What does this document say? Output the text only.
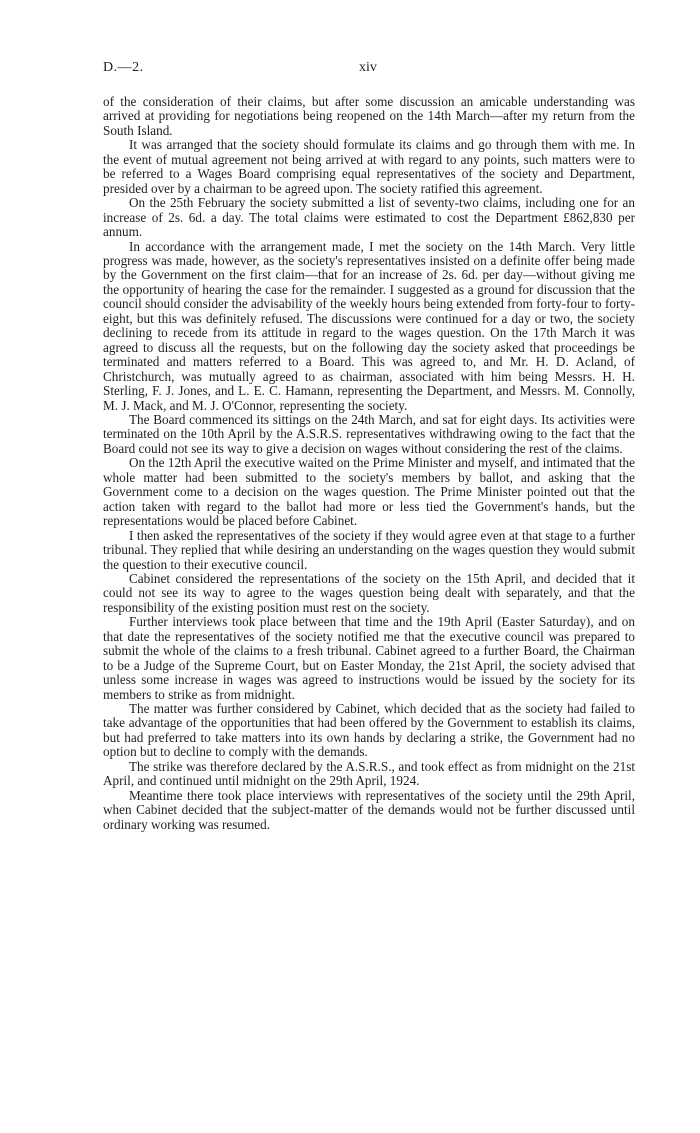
D.—2.	xiv

of the consideration of their claims, but after some discussion an amicable understanding was arrived at providing for negotiations being reopened on the 14th March—after my return from the South Island.

It was arranged that the society should formulate its claims and go through them with me. In the event of mutual agreement not being arrived at with regard to any points, such matters were to be referred to a Wages Board comprising equal representatives of the society and Department, presided over by a chairman to be agreed upon. The society ratified this agreement.

On the 25th February the society submitted a list of seventy-two claims, including one for an increase of 2s. 6d. a day. The total claims were estimated to cost the Department £862,830 per annum.

In accordance with the arrangement made, I met the society on the 14th March. Very little progress was made, however, as the society's representatives insisted on a definite offer being made by the Government on the first claim—that for an increase of 2s. 6d. per day—without giving me the opportunity of hearing the case for the remainder. I suggested as a ground for discussion that the council should consider the advisability of the weekly hours being extended from forty-four to forty-eight, but this was definitely refused. The discussions were continued for a day or two, the society declining to recede from its attitude in regard to the wages question. On the 17th March it was agreed to discuss all the requests, but on the following day the society asked that proceedings be terminated and matters referred to a Board. This was agreed to, and Mr. H. D. Acland, of Christchurch, was mutually agreed to as chairman, associated with him being Messrs. H. H. Sterling, F. J. Jones, and L. E. C. Hamann, representing the Department, and Messrs. M. Connolly, M. J. Mack, and M. J. O'Connor, representing the society.

The Board commenced its sittings on the 24th March, and sat for eight days. Its activities were terminated on the 10th April by the A.S.R.S. representatives withdrawing owing to the fact that the Board could not see its way to give a decision on wages without considering the rest of the claims.

On the 12th April the executive waited on the Prime Minister and myself, and intimated that the whole matter had been submitted to the society's members by ballot, and asking that the Government come to a decision on the wages question. The Prime Minister pointed out that the action taken with regard to the ballot had more or less tied the Government's hands, but the representations would be placed before Cabinet.

I then asked the representatives of the society if they would agree even at that stage to a further tribunal. They replied that while desiring an understanding on the wages question they would submit the question to their executive council.

Cabinet considered the representations of the society on the 15th April, and decided that it could not see its way to agree to the wages question being dealt with separately, and that the responsibility of the existing position must rest on the society.

Further interviews took place between that time and the 19th April (Easter Saturday), and on that date the representatives of the society notified me that the executive council was prepared to submit the whole of the claims to a fresh tribunal. Cabinet agreed to a further Board, the Chairman to be a Judge of the Supreme Court, but on Easter Monday, the 21st April, the society advised that unless some increase in wages was agreed to instructions would be issued by the society for its members to strike as from midnight.

The matter was further considered by Cabinet, which decided that as the society had failed to take advantage of the opportunities that had been offered by the Government to establish its claims, but had preferred to take matters into its own hands by declaring a strike, the Government had no option but to decline to comply with the demands.

The strike was therefore declared by the A.S.R.S., and took effect as from midnight on the 21st April, and continued until midnight on the 29th April, 1924.

Meantime there took place interviews with representatives of the society until the 29th April, when Cabinet decided that the subject-matter of the demands would not be further discussed until ordinary working was resumed.
